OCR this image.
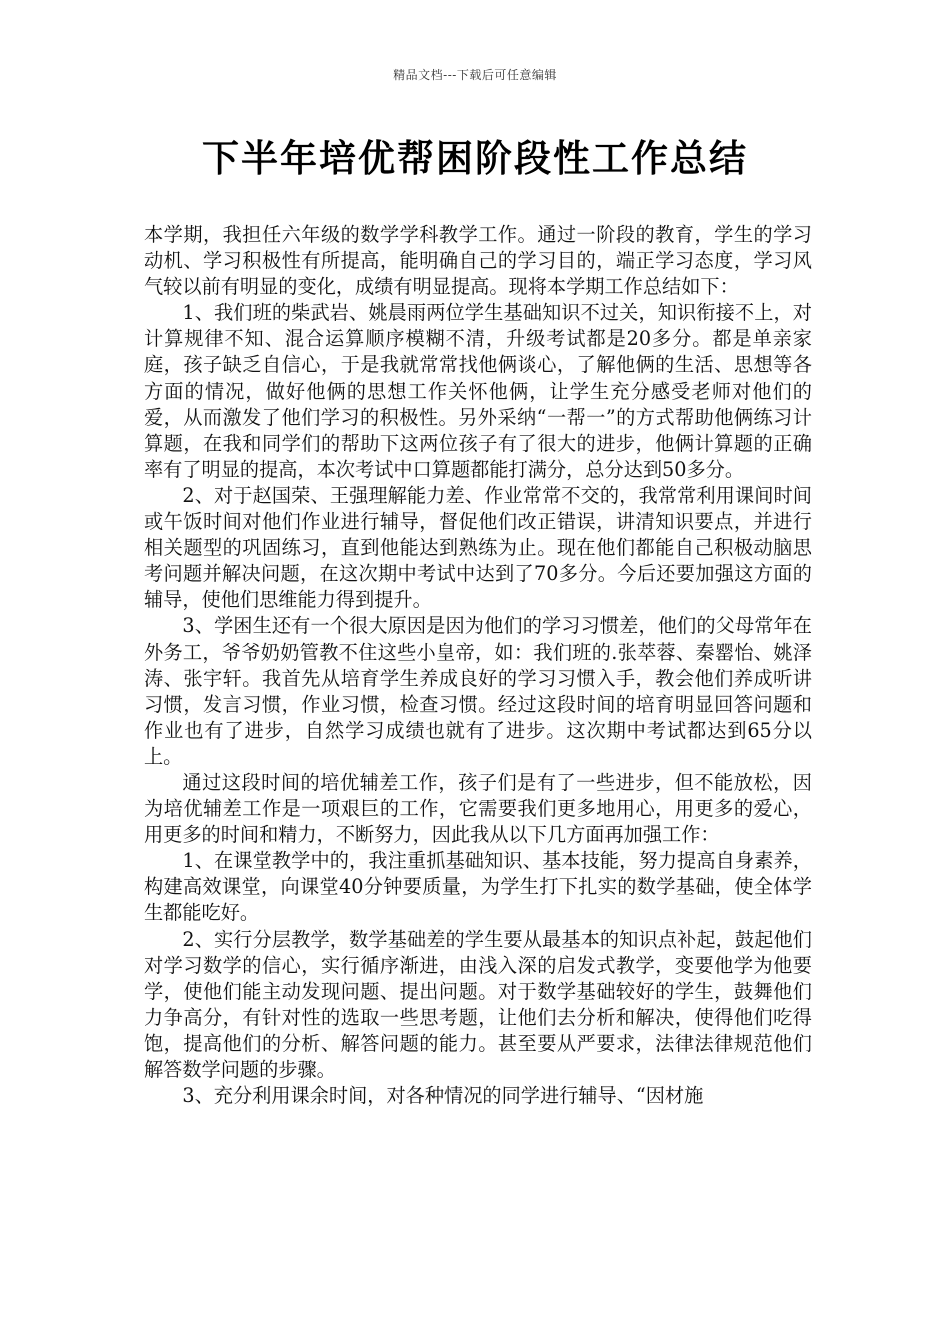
精品文档---下载后可任意编辑
下半年培优帮困阶段性工作总结

本学期，我担任六年级的数学学科教学工作。通过一阶段的教育，学生的学习动机、学习积极性有所提高，能明确自己的学习目的，端正学习态度，学习风气较以前有明显的变化，成绩有明显提高。现将本学期工作总结如下：

1、我们班的柴武岩、姚晨雨两位学生基础知识不过关，知识衔接不上，对计算规律不知、混合运算顺序模糊不清，升级考试都是20多分。都是单亲家庭，孩子缺乏自信心，于是我就常常找他俩谈心，了解他俩的生活、思想等各方面的情况，做好他俩的思想工作关怀他俩，让学生充分感受老师对他们的爱，从而激发了他们学习的积极性。另外采纳“一帮一”的方式帮助他俩练习计算题，在我和同学们的帮助下这两位孩子有了很大的进步，他俩计算题的正确率有了明显的提高，本次考试中口算题都能打满分，总分达到50多分。

2、对于赵国荣、王强理解能力差、作业常常不交的，我常常利用课间时间或午饭时间对他们作业进行辅导，督促他们改正错误，讲清知识要点，并进行相关题型的巩固练习，直到他能达到熟练为止。现在他们都能自己积极动脑思考问题并解决问题，在这次期中考试中达到了70多分。今后还要加强这方面的辅导，使他们思维能力得到提升。

3、学困生还有一个很大原因是因为他们的学习习惯差，他们的父母常年在外务工，爷爷奶奶管教不住这些小皇帝，如：我们班的.张萃蓉、秦罂怡、姚泽涛、张宇轩。我首先从培育学生养成良好的学习习惯入手，教会他们养成听讲习惯，发言习惯，作业习惯，检查习惯。经过这段时间的培育明显回答问题和作业也有了进步，自然学习成绩也就有了进步。这次期中考试都达到65分以上。

通过这段时间的培优辅差工作，孩子们是有了一些进步，但不能放松，因为培优辅差工作是一项艰巨的工作，它需要我们更多地用心，用更多的爱心，用更多的时间和精力，不断努力，因此我从以下几方面再加强工作：

1、在课堂教学中的，我注重抓基础知识、基本技能，努力提高自身素养，构建高效课堂，向课堂40分钟要质量，为学生打下扎实的数学基础，使全体学生都能吃好。

2、实行分层教学，数学基础差的学生要从最基本的知识点补起，鼓起他们对学习数学的信心，实行循序渐进，由浅入深的启发式教学，变要他学为他要学，使他们能主动发现问题、提出问题。对于数学基础较好的学生，鼓舞他们力争高分，有针对性的选取一些思考题，让他们去分析和解决，使得他们吃得饱，提高他们的分析、解答问题的能力。甚至要从严要求，法律法律规范他们解答数学问题的步骤。

3、充分利用课余时间，对各种情况的同学进行辅导、“因材施
